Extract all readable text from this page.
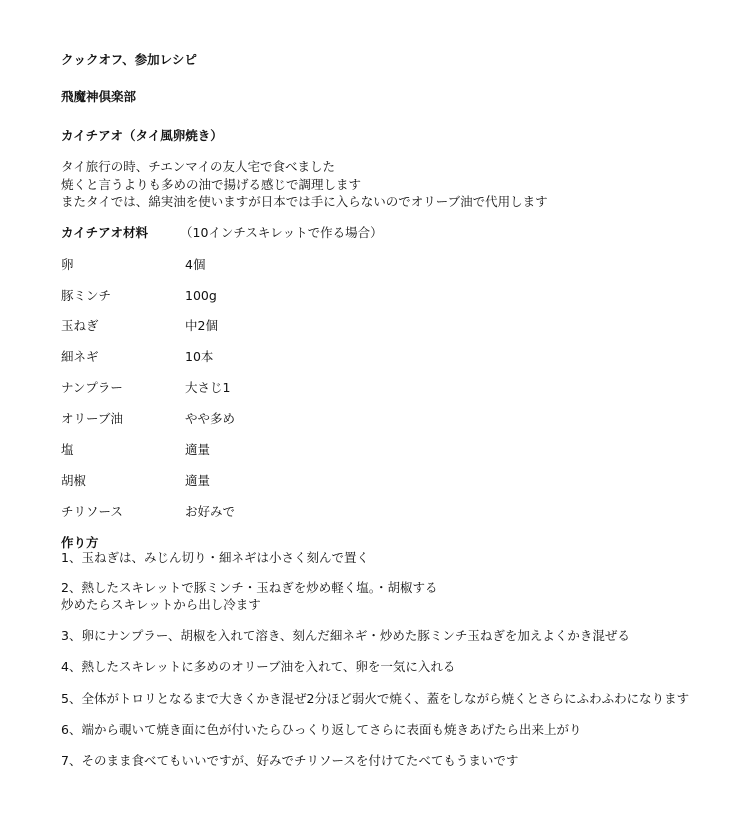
クックオフ、参加レシピ
飛魔神倶楽部
カイチアオ（タイ風卵焼き）
タイ旅行の時、チエンマイの友人宅で食べました
焼くと言うよりも多めの油で揚げる感じで調理します
またタイでは、綿実油を使いますが日本では手に入らないのでオリーブ油で代用します
カイチアオ材料	（10インチスキレットで作る場合）
卵	4個
豚ミンチ	100g
玉ねぎ	中2個
細ネギ	10本
ナンプラー	大さじ1
オリーブ油	やや多め
塩	適量
胡椒	適量
チリソース	お好みで
作り方
1、玉ねぎは、みじん切り・細ネギは小さく刻んで置く
2、熱したスキレットで豚ミンチ・玉ねぎを炒め軽く塩。・胡椒する
炒めたらスキレットから出し冷ます
3、卵にナンプラー、胡椒を入れて溶き、刻んだ細ネギ・炒めた豚ミンチ玉ねぎを加えよくかき混ぜる
4、熱したスキレットに多めのオリーブ油を入れて、卵を一気に入れる
5、全体がトロリとなるまで大きくかき混ぜ2分ほど弱火で焼く、蓋をしながら焼くとさらにふわふわになります
6、端から覗いて焼き面に色が付いたらひっくり返してさらに表面も焼きあげたら出来上がり
7、そのまま食べてもいいですが、好みでチリソースを付けてたべてもうまいです
